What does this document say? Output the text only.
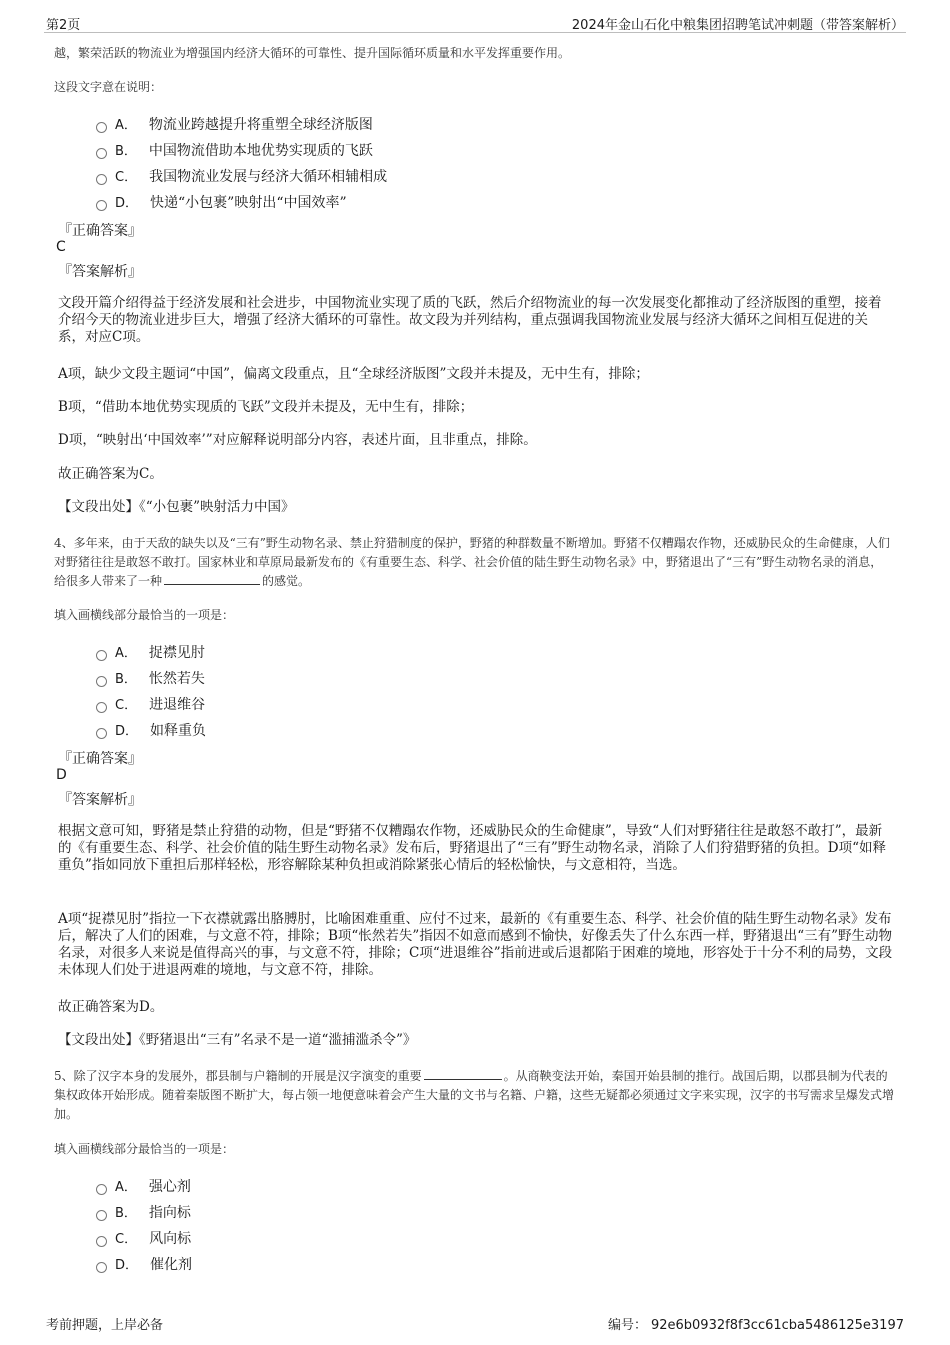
第2页	2024年金山石化中粮集团招聘笔试冲刺题（带答案解析）
越，繁荣活跃的物流业为增强国内经济大循环的可靠性、提升国际循环质量和水平发挥重要作用。
这段文字意在说明：
A． 物流业跨越提升将重塑全球经济版图
B． 中国物流借助本地优势实现质的飞跃
C． 我国物流业发展与经济大循环相辅相成
D． 快递“小包裹”映射出“中国效率”
『正确答案』
C
『答案解析』
文段开篇介绍得益于经济发展和社会进步，中国物流业实现了质的飞跃，然后介绍物流业的每一次发展变化都推动了经济版图的重塑，接着介绍今天的物流业进步巨大，增强了经济大循环的可靠性。故文段为并列结构，重点强调我国物流业发展与经济大循环之间相互促进的关系，对应C项。
A项，缺少文段主题词“中国”，偏离文段重点，且“全球经济版图”文段并未提及，无中生有，排除；
B项，“借助本地优势实现质的飞跃”文段并未提及，无中生有，排除；
D项，“映射出‘中国效率’”对应解释说明部分内容，表述片面，且非重点，排除。
故正确答案为C。
【文段出处】《“小包裹”映射活力中国》
4、多年来，由于天敌的缺失以及“三有”野生动物名录、禁止狩猎制度的保护，野猪的种群数量不断增加。野猪不仅糟蹋农作物，还威胁民众的生命健康，人们对野猪往往是敢怒不敢打。国家林业和草原局最新发布的《有重要生态、科学、社会价值的陆生野生动物名录》中，野猪退出了“三有”野生动物名录的消息，给很多人带来了一种	的感觉。
填入画横线部分最恰当的一项是：
A． 捉襟见肘
B． 怅然若失
C． 进退维谷
D． 如释重负
『正确答案』
D
『答案解析』
根据文意可知，野猪是禁止狩猎的动物，但是“野猪不仅糟蹋农作物，还威胁民众的生命健康”，导致“人们对野猪往往是敢怒不敢打”，最新的《有重要生态、科学、社会价值的陆生野生动物名录》发布后，野猪退出了“三有”野生动物名录，消除了人们狩猎野猪的负担。D项“如释重负”指如同放下重担后那样轻松，形容解除某种负担或消除紧张心情后的轻松愉快，与文意相符，当选。
A项“捉襟见肘”指拉一下衣襟就露出胳膊肘，比喻困难重重、应付不过来，最新的《有重要生态、科学、社会价值的陆生野生动物名录》发布后，解决了人们的困难，与文意不符，排除；B项“怅然若失”指因不如意而感到不愉快，好像丢失了什么东西一样，野猪退出“三有”野生动物名录，对很多人来说是值得高兴的事，与文意不符，排除；C项“进退维谷”指前进或后退都陷于困难的境地，形容处于十分不利的局势，文段未体现人们处于进退两难的境地，与文意不符，排除。
故正确答案为D。
【文段出处】《野猪退出“三有”名录不是一道“滥捕滥杀令”》
5、除了汉字本身的发展外，郡县制与户籍制的开展是汉字演变的重要	。从商鞅变法开始，秦国开始县制的推行。战国后期，以郡县制为代表的集权政体开始形成。随着秦版图不断扩大，每占领一地便意味着会产生大量的文书与名籍、户籍，这些无疑都必须通过文字来实现，汉字的书写需求呈爆发式增加。
填入画横线部分最恰当的一项是：
A． 强心剂
B． 指向标
C． 风向标
D． 催化剂
考前押题，上岸必备	编号： 92e6b0932f8f3cc61cba5486125e3197
